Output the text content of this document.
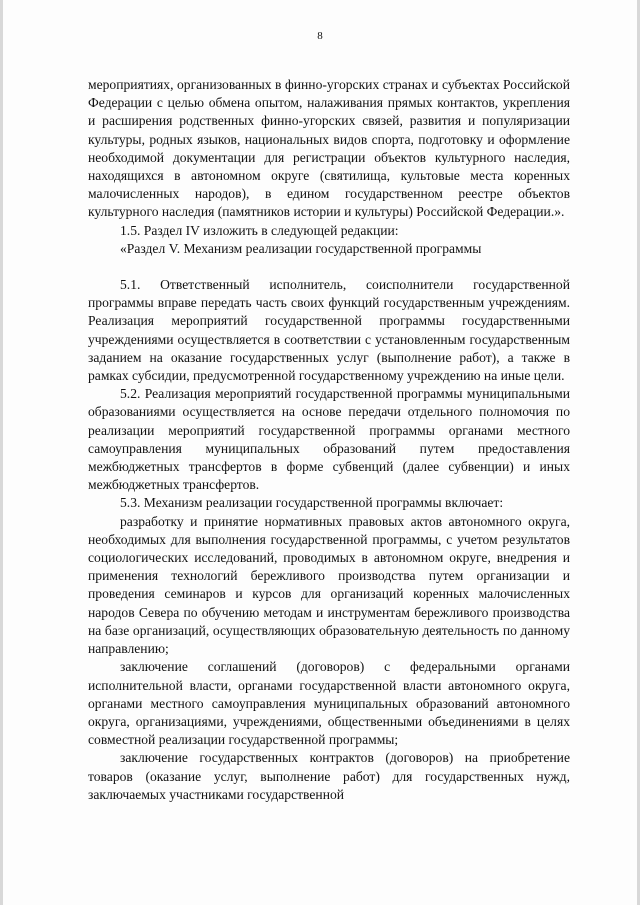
8

мероприятиях, организованных в финно-угорских странах и субъектах Российской Федерации с целью обмена опытом, налаживания прямых контактов, укрепления и расширения родственных финно-угорских связей, развития и популяризации культуры, родных языков, национальных видов спорта, подготовку и оформление необходимой документации для регистрации объектов культурного наследия, находящихся в автономном округе (святилища, культовые места коренных малочисленных народов), в едином государственном реестре объектов культурного наследия (памятников истории и культуры) Российской Федерации.».

1.5. Раздел IV изложить в следующей редакции:

«Раздел V. Механизм реализации государственной программы

5.1. Ответственный исполнитель, соисполнители государственной программы вправе передать часть своих функций государственным учреждениям. Реализация мероприятий государственной программы государственными учреждениями осуществляется в соответствии с установленным государственным заданием на оказание государственных услуг (выполнение работ), а также в рамках субсидии, предусмотренной государственному учреждению на иные цели.

5.2. Реализация мероприятий государственной программы муниципальными образованиями осуществляется на основе передачи отдельного полномочия по реализации мероприятий государственной программы органами местного самоуправления муниципальных образований путем предоставления межбюджетных трансфертов в форме субвенций (далее субвенции) и иных межбюджетных трансфертов.

5.3. Механизм реализации государственной программы включает:

разработку и принятие нормативных правовых актов автономного округа, необходимых для выполнения государственной программы, с учетом результатов социологических исследований, проводимых в автономном округе, внедрения и применения технологий бережливого производства путем организации и проведения семинаров и курсов для организаций коренных малочисленных народов Севера по обучению методам и инструментам бережливого производства на базе организаций, осуществляющих образовательную деятельность по данному направлению;

заключение соглашений (договоров) с федеральными органами исполнительной власти, органами государственной власти автономного округа, органами местного самоуправления муниципальных образований автономного округа, организациями, учреждениями, общественными объединениями в целях совместной реализации государственной программы;

заключение государственных контрактов (договоров) на приобретение товаров (оказание услуг, выполнение работ) для государственных нужд, заключаемых участниками государственной
